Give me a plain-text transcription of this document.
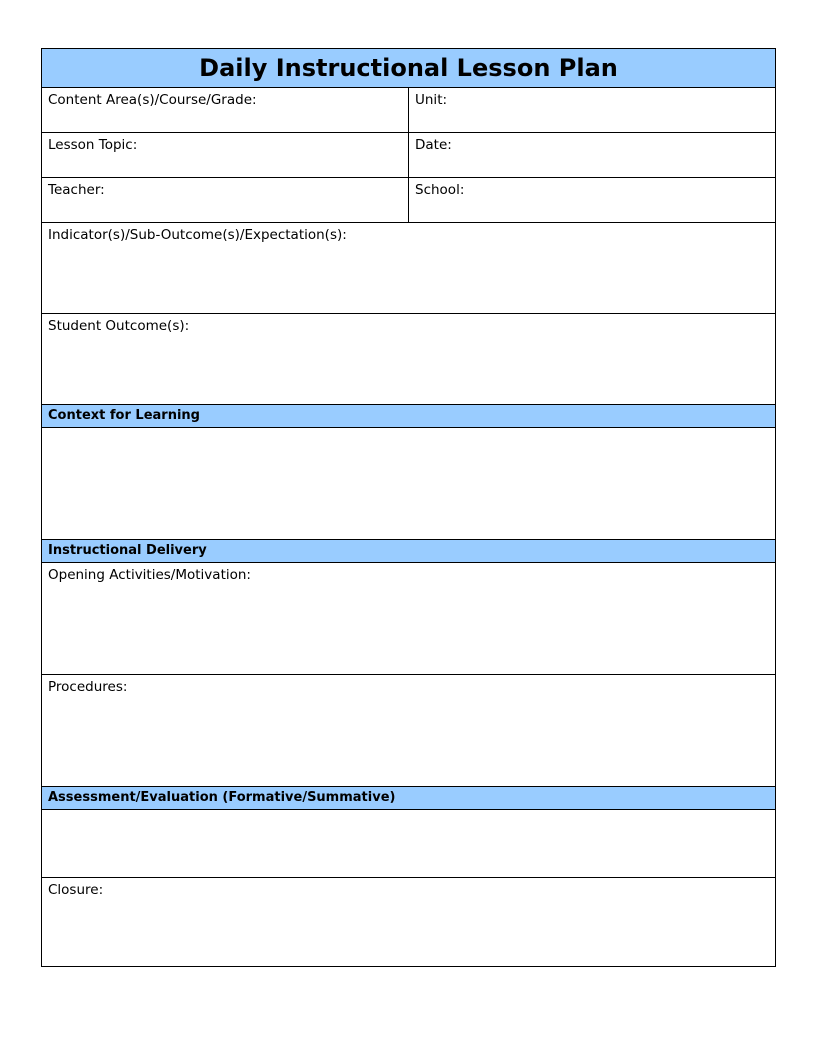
Daily Instructional Lesson Plan
Content Area(s)/Course/Grade:	Unit:
Lesson Topic:	Date:
Teacher:	School:
Indicator(s)/Sub-Outcome(s)/Expectation(s):
Student Outcome(s):
Context for Learning
Instructional Delivery
Opening Activities/Motivation:
Procedures:
Assessment/Evaluation (Formative/Summative)
Closure:
